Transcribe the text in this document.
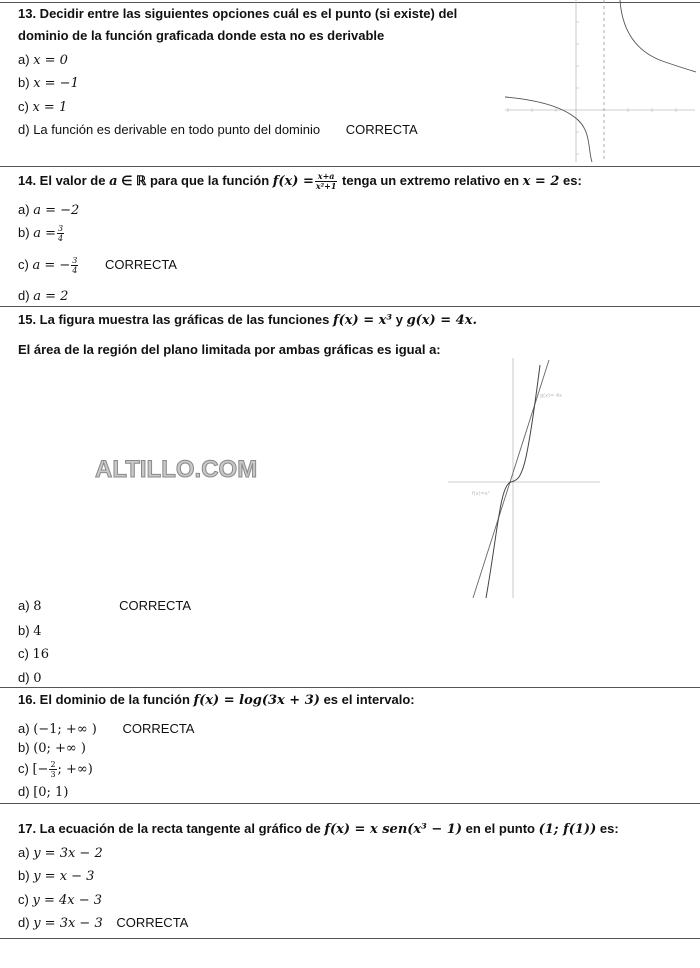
13. Decidir entre las siguientes opciones cuál es el punto (si existe) del
dominio de la función graficada donde esta no es derivable
a) x = 0
b) x = −1
c) x = 1
d) La función es derivable en todo punto del dominio CORRECTA
14. El valor de a ∈ ℝ para que la función $f(x) = \frac{x+a}{\text{x²+1}}$ tenga un extremo relativo en x = 2 es:
a) a = −2
b) $a = \frac{3}{4}$
c) a = − $\frac{3}{4}$ CORRECTA
d) a = 2
15. La figura muestra las gráficas de las funciones f(x) = x³ y g(x) = 4x.
El área de la región del plano limitada por ambas gráficas es igual a:
ALTILLO.COM
g(x)= 4x
f(x)=x³
a) 8	CORRECTA
b) 4
c) 16
d) 0
16. El dominio de la función f(x) = log(3x + 3) es el intervalo:
a) (−1; +∞ ) CORRECTA
b) (0; +∞ )
c) [− $\frac{2}{3}$ ; +∞)
d) [0; 1)
17. La ecuación de la recta tangente al gráfico de f(x) = x sen(x³ − 1) en el punto (1; f(1)) es:
a) y = 3x − 2
b) y = x − 3
c) y = 4x − 3
d) y = 3x − 3 CORRECTA
